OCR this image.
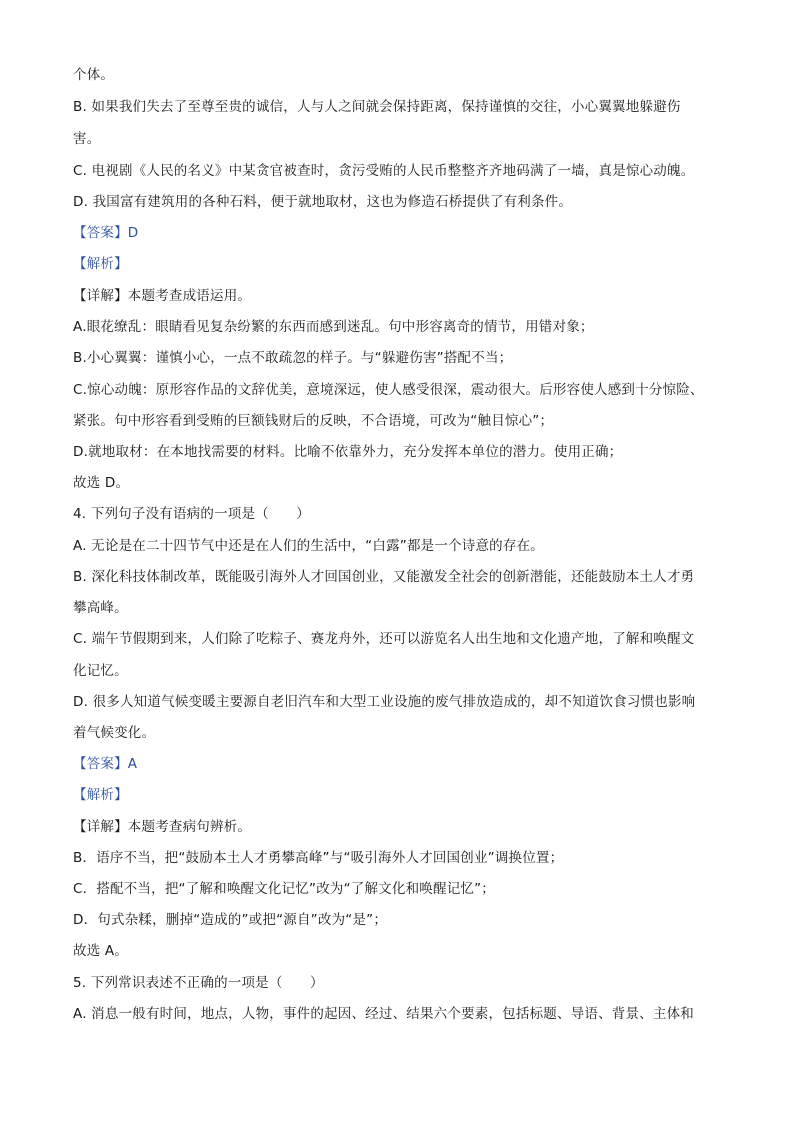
个体。
B. 如果我们失去了至尊至贵的诚信，人与人之间就会保持距离，保持谨慎的交往，小心翼翼地躲避伤
害。
C. 电视剧《人民的名义》中某贪官被查时，贪污受贿的人民币整整齐齐地码满了一墙，真是惊心动魄。
D. 我国富有建筑用的各种石料，便于就地取材，这也为修造石桥提供了有利条件。
【答案】D
【解析】
【详解】本题考查成语运用。
A.眼花缭乱：眼睛看见复杂纷繁的东西而感到迷乱。句中形容离奇的情节，用错对象；
B.小心翼翼：谨慎小心，一点不敢疏忽的样子。与“躲避伤害”搭配不当；
C.惊心动魄：原形容作品的文辞优美，意境深远，使人感受很深，震动很大。后形容使人感到十分惊险、
紧张。句中形容看到受贿的巨额钱财后的反映，不合语境，可改为“触目惊心”；
D.就地取材：在本地找需要的材料。比喻不依靠外力，充分发挥本单位的潜力。使用正确；
故选 D。
4. 下列句子没有语病的一项是（　　）
A. 无论是在二十四节气中还是在人们的生活中，“白露”都是一个诗意的存在。
B. 深化科技体制改革，既能吸引海外人才回国创业，又能激发全社会的创新潜能，还能鼓励本土人才勇
攀高峰。
C. 端午节假期到来，人们除了吃粽子、赛龙舟外，还可以游览名人出生地和文化遗产地，了解和唤醒文
化记忆。
D. 很多人知道气候变暖主要源自老旧汽车和大型工业设施的废气排放造成的，却不知道饮食习惯也影响
着气候变化。
【答案】A
【解析】
【详解】本题考查病句辨析。
B．语序不当，把“鼓励本土人才勇攀高峰”与“吸引海外人才回国创业”调换位置；
C．搭配不当，把“了解和唤醒文化记忆”改为“了解文化和唤醒记忆”；
D．句式杂糅，删掉“造成的”或把“源自”改为“是”；
故选 A。
5. 下列常识表述不正确的一项是（　　）
A. 消息一般有时间，地点，人物，事件的起因、经过、结果六个要素，包括标题、导语、背景、主体和
